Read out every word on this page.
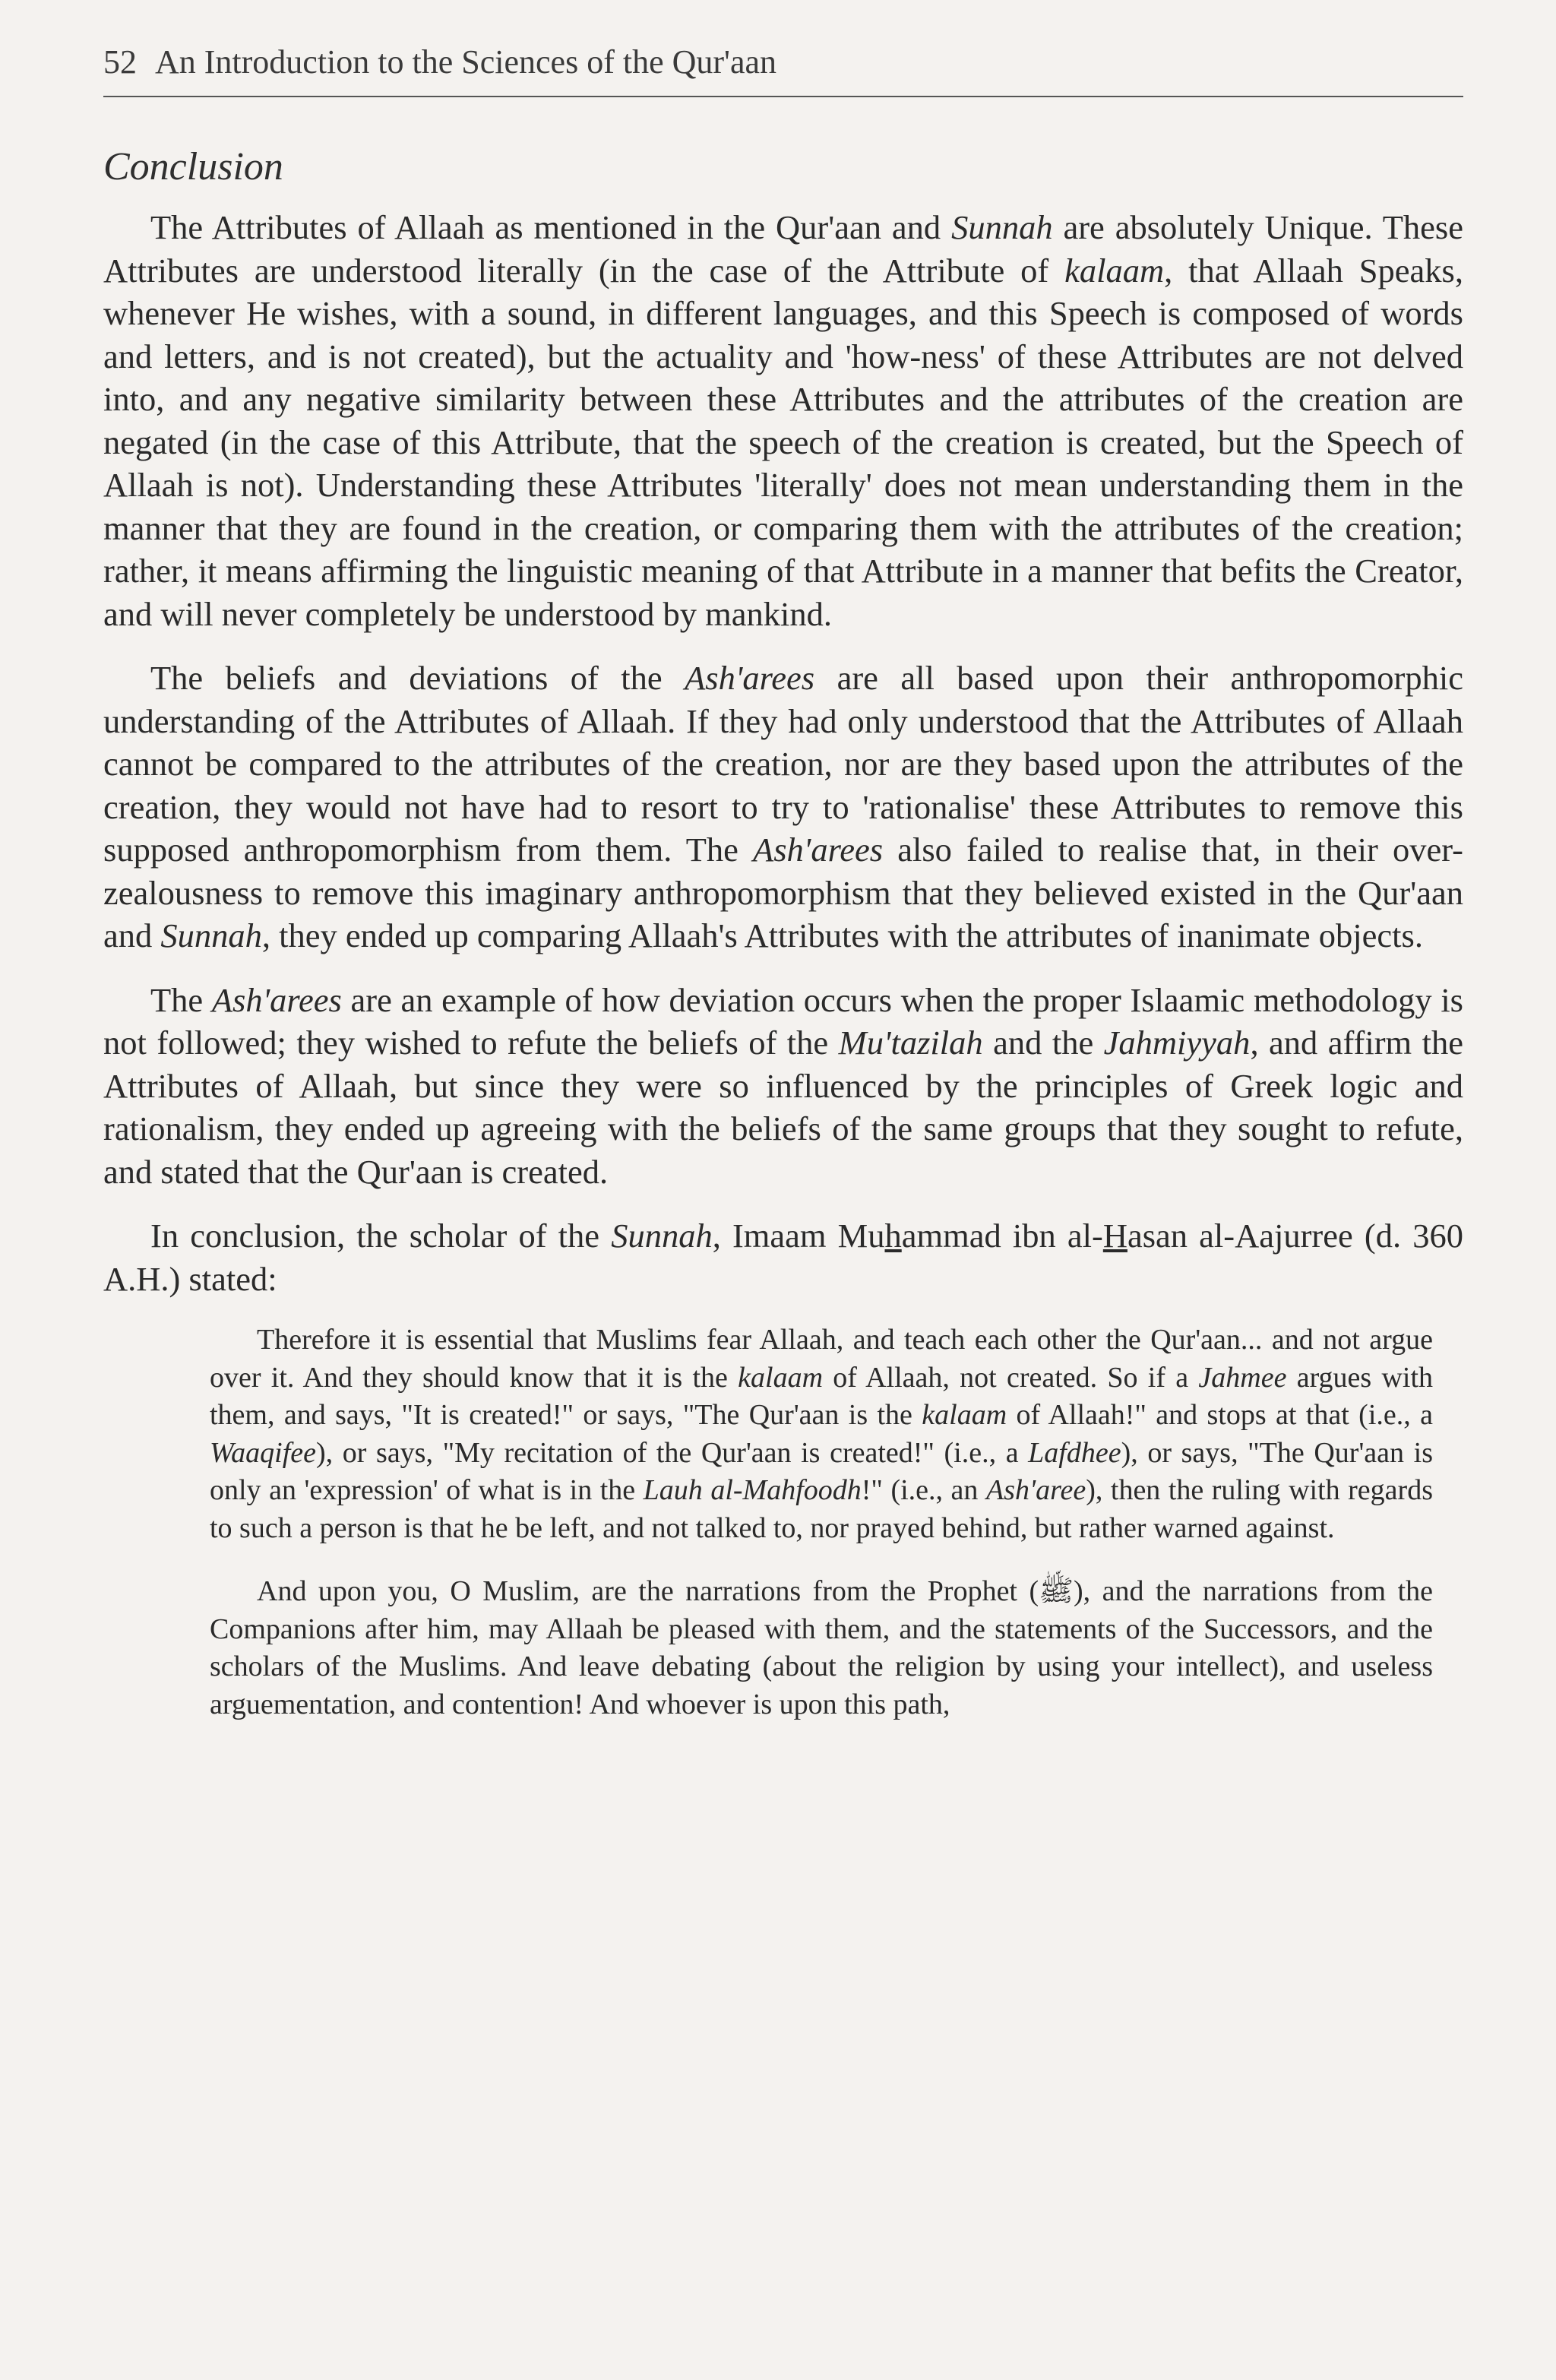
52 An Introduction to the Sciences of the Qur'aan
Conclusion

The Attributes of Allaah as mentioned in the Qur'aan and Sunnah are absolutely Unique. These Attributes are understood literally (in the case of the Attribute of kalaam, that Allaah Speaks, whenever He wishes, with a sound, in different languages, and this Speech is composed of words and letters, and is not created), but the actuality and 'how-ness' of these Attributes are not delved into, and any negative similarity between these Attributes and the attributes of the creation are negated (in the case of this Attribute, that the speech of the creation is created, but the Speech of Allaah is not). Understanding these Attributes 'literally' does not mean understanding them in the manner that they are found in the creation, or comparing them with the attributes of the creation; rather, it means affirming the linguistic meaning of that Attribute in a manner that befits the Creator, and will never completely be understood by mankind.

The beliefs and deviations of the Ash'arees are all based upon their anthropomorphic understanding of the Attributes of Allaah. If they had only understood that the Attributes of Allaah cannot be compared to the attributes of the creation, nor are they based upon the attributes of the creation, they would not have had to resort to try to 'rationalise' these Attributes to remove this supposed anthropomorphism from them. The Ash'arees also failed to realise that, in their over-zealousness to remove this imaginary anthropomorphism that they believed existed in the Qur'aan and Sunnah, they ended up comparing Allaah's Attributes with the attributes of inanimate objects.

The Ash'arees are an example of how deviation occurs when the proper Islaamic methodology is not followed; they wished to refute the beliefs of the Mu'tazilah and the Jahmiyyah, and affirm the Attributes of Allaah, but since they were so influenced by the principles of Greek logic and rationalism, they ended up agreeing with the beliefs of the same groups that they sought to refute, and stated that the Qur'aan is created.

In conclusion, the scholar of the Sunnah, Imaam Muhammad ibn al-Hasan al-Aajurree (d. 360 A.H.) stated:

Therefore it is essential that Muslims fear Allaah, and teach each other the Qur'aan... and not argue over it. And they should know that it is the kalaam of Allaah, not created. So if a Jahmee argues with them, and says, "It is created!" or says, "The Qur'aan is the kalaam of Allaah!" and stops at that (i.e., a Waaqifee), or says, "My recitation of the Qur'aan is created!" (i.e., a Lafdhee), or says, "The Qur'aan is only an 'expression' of what is in the Lauh al-Mahfoodh!" (i.e., an Ash'aree), then the ruling with regards to such a person is that he be left, and not talked to, nor prayed behind, but rather warned against.

And upon you, O Muslim, are the narrations from the Prophet (ﷺ), and the narrations from the Companions after him, may Allaah be pleased with them, and the statements of the Successors, and the scholars of the Muslims. And leave debating (about the religion by using your intellect), and useless arguementation, and contention! And whoever is upon this path,
